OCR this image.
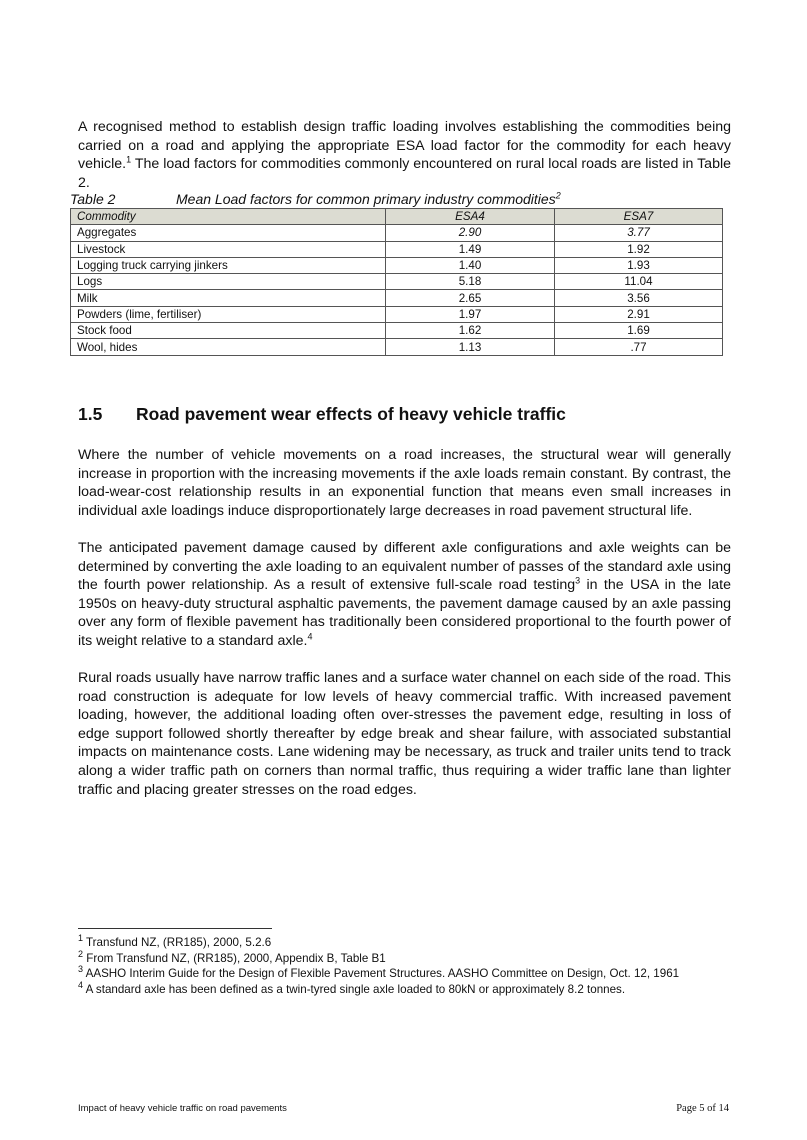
A recognised method to establish design traffic loading involves establishing the commodities being carried on a road and applying the appropriate ESA load factor for the commodity for each heavy vehicle.$^1$ The load factors for commodities commonly encountered on rural local roads are listed in Table 2.

Table 2	Mean Load factors for common primary industry commodities$^2$
Commodity	ESA4	ESA7
Aggregates	2.90	3.77
Livestock	1.49	1.92
Logging truck carrying jinkers	1.40	1.93
Logs	5.18	11.04
Milk	2.65	3.56
Powders (lime, fertiliser)	1.97	2.91
Stock food	1.62	1.69
Wool, hides	1.13	.77
1.5 Road pavement wear effects of heavy vehicle traffic

Where the number of vehicle movements on a road increases, the structural wear will generally increase in proportion with the increasing movements if the axle loads remain constant. By contrast, the load-wear-cost relationship results in an exponential function that means even small increases in individual axle loadings induce disproportionately large decreases in road pavement structural life.

The anticipated pavement damage caused by different axle configurations and axle weights can be determined by converting the axle loading to an equivalent number of passes of the standard axle using the fourth power relationship. As a result of extensive full-scale road testing$^3$ in the USA in the late 1950s on heavy-duty structural asphaltic pavements, the pavement damage caused by an axle passing over any form of flexible pavement has traditionally been considered proportional to the fourth power of its weight relative to a standard axle.$^4$

Rural roads usually have narrow traffic lanes and a surface water channel on each side of the road. This road construction is adequate for low levels of heavy commercial traffic. With increased pavement loading, however, the additional loading often over-stresses the pavement edge, resulting in loss of edge support followed shortly thereafter by edge break and shear failure, with associated substantial impacts on maintenance costs. Lane widening may be necessary, as truck and trailer units tend to track along a wider traffic path on corners than normal traffic, thus requiring a wider traffic lane than lighter traffic and placing greater stresses on the road edges.

$^1$ Transfund NZ, (RR185), 2000, 5.2.6
$^2$ From Transfund NZ, (RR185), 2000, Appendix B, Table B1
$^3$ AASHO Interim Guide for the Design of Flexible Pavement Structures. AASHO Committee on Design, Oct. 12, 1961
$^4$ A standard axle has been defined as a twin-tyred single axle loaded to 80kN or approximately 8.2 tonnes.
Impact of heavy vehicle traffic on road pavements	Page 5 of 14
